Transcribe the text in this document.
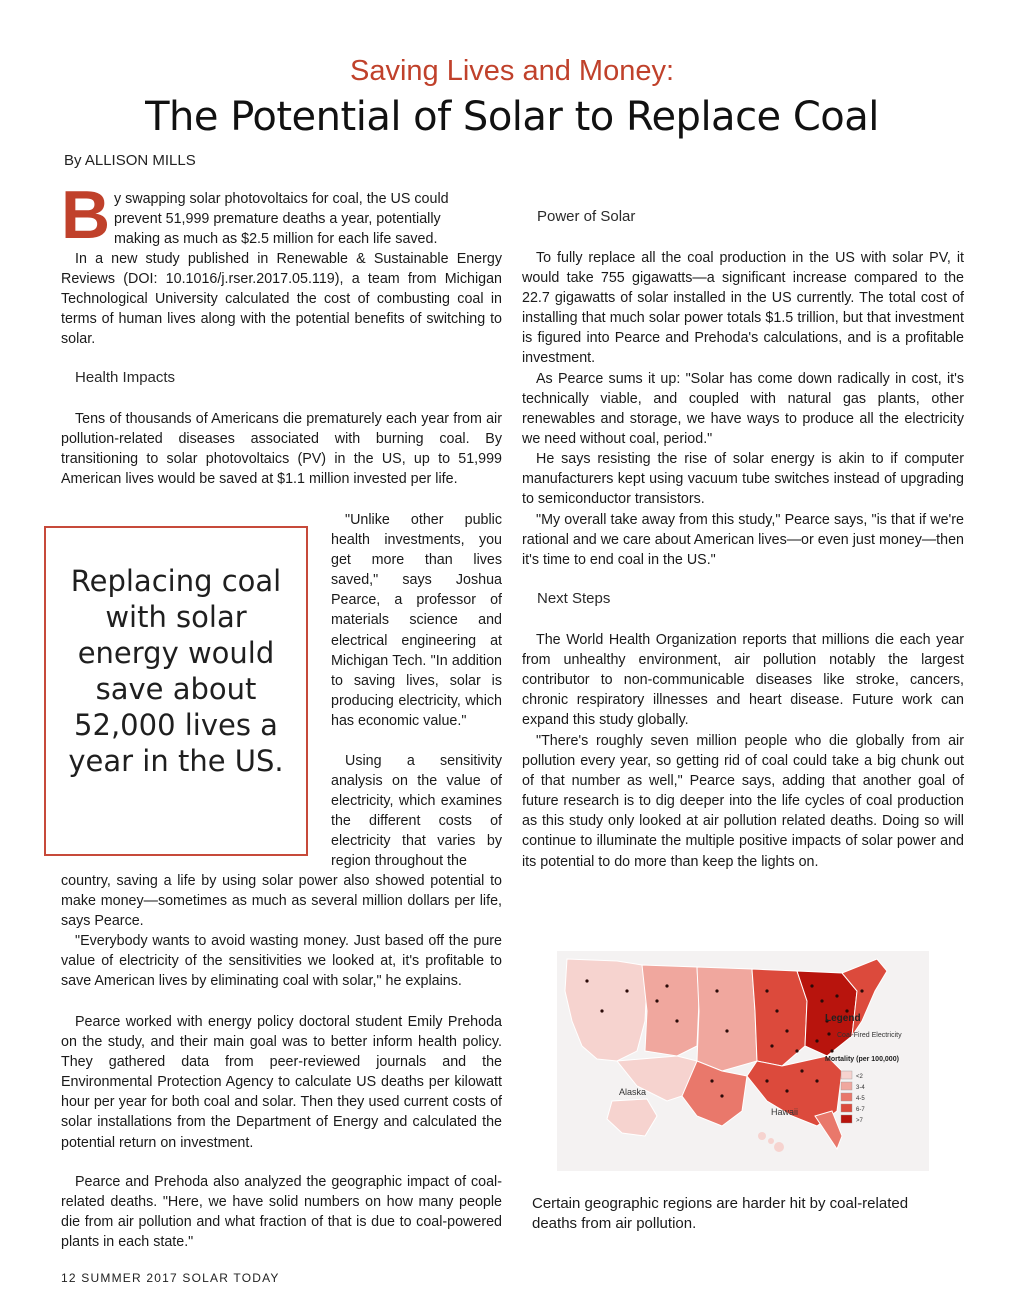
Saving Lives and Money:
The Potential of Solar to Replace Coal
By ALLISON MILLS
B y swapping solar photovoltaics for coal, the US could

prevent 51,999 premature deaths a year, potentially

making as much as $2.5 million for each life saved.

In a new study published in Renewable & Sustainable Energy Reviews (DOI: 10.1016/j.rser.2017.05.119), a team from Michigan Technological University calculated the cost of combusting coal in terms of human lives along with the potential benefits of switching to solar.

Health Impacts

Tens of thousands of Americans die prematurely each year from air pollution-related diseases associated with burning coal. By transitioning to solar photovoltaics (PV) in the US, up to 51,999 American lives would be saved at $1.1 million invested per life.

Replacing coal with solar energy would save about 52,000 lives a year in the US.

"Unlike other public health investments, you get more than lives saved," says Joshua Pearce, a professor of materials science and electrical engineering at Michigan Tech. "In addition to saving lives, solar is producing electricity, which has economic value."

Using a sensitivity analysis on the value of electricity, which examines the different costs of electricity that varies by region throughout the

country, saving a life by using solar power also showed potential to make money—sometimes as much as several million dollars per life, says Pearce.

"Everybody wants to avoid wasting money. Just based off the pure value of electricity of the sensitivities we looked at, it's profitable to save American lives by eliminating coal with solar," he explains.

Pearce worked with energy policy doctoral student Emily Prehoda on the study, and their main goal was to better inform health policy. They gathered data from peer-reviewed journals and the Environmental Protection Agency to calculate US deaths per kilowatt hour per year for both coal and solar. Then they used current costs of solar installations from the Department of Energy and calculated the potential return on investment.

Pearce and Prehoda also analyzed the geographic impact of coal-related deaths. "Here, we have solid numbers on how many people die from air pollution and what fraction of that is due to coal-powered plants in each state."

Power of Solar

To fully replace all the coal production in the US with solar PV, it would take 755 gigawatts—a significant increase compared to the 22.7 gigawatts of solar installed in the US currently. The total cost of installing that much solar power totals $1.5 trillion, but that investment is figured into Pearce and Prehoda's calculations, and is a profitable investment.

As Pearce sums it up: "Solar has come down radically in cost, it's technically viable, and coupled with natural gas plants, other renewables and storage, we have ways to produce all the electricity we need without coal, period."

He says resisting the rise of solar energy is akin to if computer manufacturers kept using vacuum tube switches instead of upgrading to semiconductor transistors.

"My overall take away from this study," Pearce says, "is that if we're rational and we care about American lives—or even just money—then it's time to end coal in the US."

Next Steps

The World Health Organization reports that millions die each year from unhealthy environment, air pollution notably the largest contributor to non-communicable diseases like stroke, cancers, chronic respiratory illnesses and heart disease. Future work can expand this study globally.

"There's roughly seven million people who die globally from air pollution every year, so getting rid of coal could take a big chunk out of that number as well," Pearce says, adding that another goal of future research is to dig deeper into the life cycles of coal production as this study only looked at air pollution related deaths. Doing so will continue to illuminate the multiple positive impacts of solar power and its potential to do more than keep the lights on.

Alaska
Hawaii
Legend
Coal-Fired Electricity
Mortality (per 100,000)
<2
3-4
4-5
6-7
>7

Certain geographic regions are harder hit by coal-related deaths from air pollution.

12 SUMMER 2017 SOLAR TODAY
